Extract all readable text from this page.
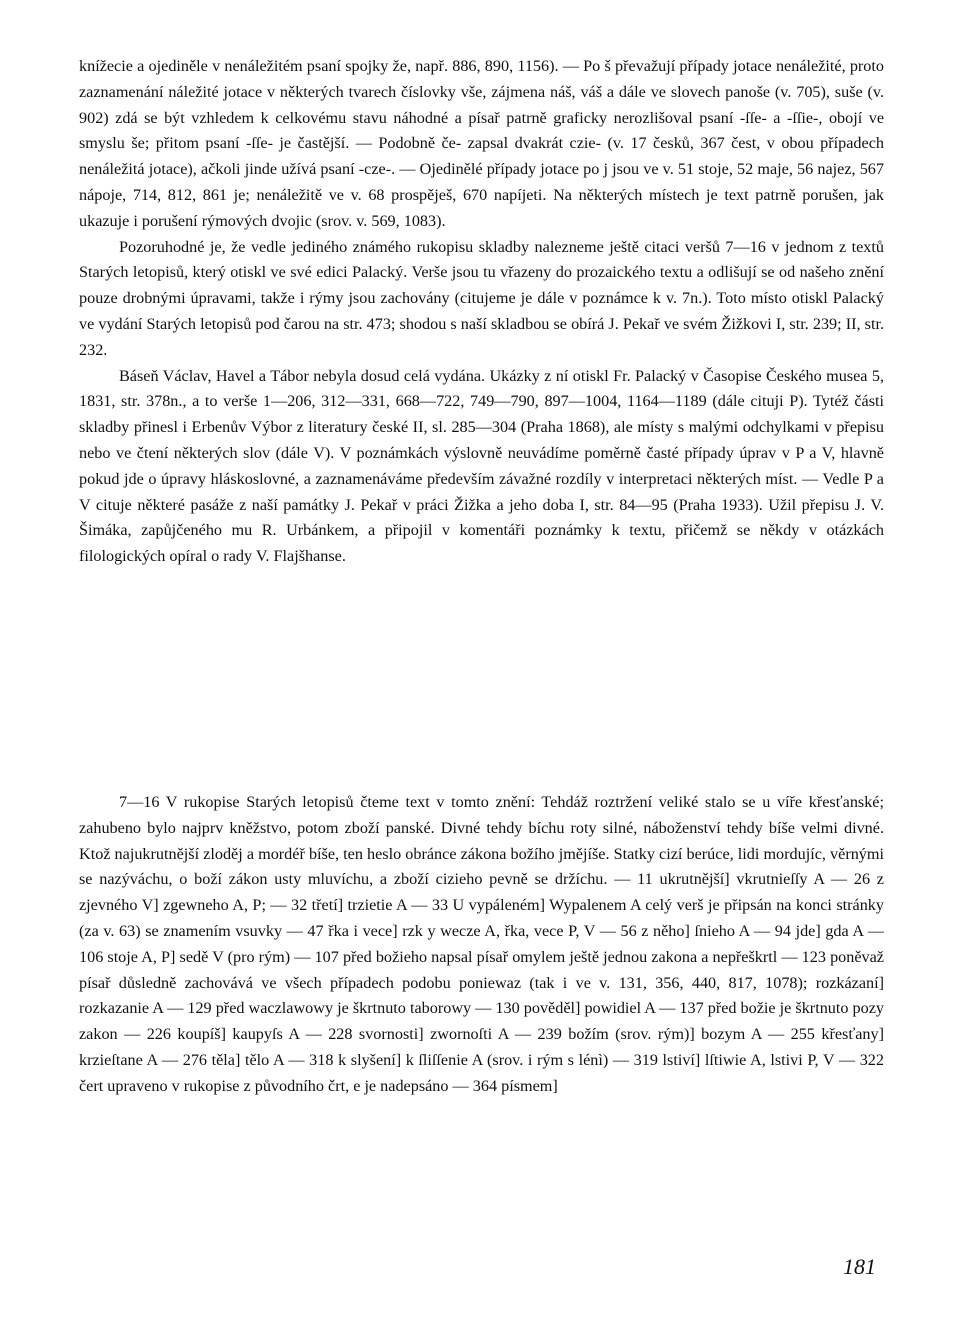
knížecie a ojediněle v nenáležitém psaní spojky že, např. 886, 890, 1156). — Po š převažují případy jotace nenáležité, proto zaznamenání náležité jotace v některých tvarech číslovky vše, zájmena náš, váš a dále ve slovech panoše (v. 705), suše (v. 902) zdá se být vzhledem k celkovému stavu náhodné a písař patrně graficky nerozlišoval psaní -ſſe- a -ſſie-, obojí ve smyslu še; přitom psaní -ſſe- je častější. — Podobně če- zapsal dvakrát czie- (v. 17 česků, 367 čest, v obou případech nenáležitá jotace), ačkoli jinde užívá psaní -cze-. — Ojedinělé případy jotace po j jsou ve v. 51 stoje, 52 maje, 56 najez, 567 nápoje, 714, 812, 861 je; nenáležitě ve v. 68 prospěješ, 670 napíjeti. Na některých místech je text patrně porušen, jak ukazuje i porušení rýmových dvojic (srov. v. 569, 1083).

Pozoruhodné je, že vedle jediného známého rukopisu skladby nalezneme ještě citaci veršů 7—16 v jednom z textů Starých letopisů, který otiskl ve své edici Palacký. Verše jsou tu vřazeny do prozaického textu a odlišují se od našeho znění pouze drobnými úpravami, takže i rýmy jsou zachovány (citujeme je dále v poznámce k v. 7n.). Toto místo otiskl Palacký ve vydání Starých letopisů pod čarou na str. 473; shodou s naší skladbou se obírá J. Pekař ve svém Žižkovi I, str. 239; II, str. 232.

Báseň Václav, Havel a Tábor nebyla dosud celá vydána. Ukázky z ní otiskl Fr. Palacký v Časopise Českého musea 5, 1831, str. 378n., a to verše 1—206, 312—331, 668—722, 749—790, 897—1004, 1164—1189 (dále cituji P). Tytéž části skladby přinesl i Erbenův Výbor z literatury české II, sl. 285—304 (Praha 1868), ale místy s malými odchylkami v přepisu nebo ve čtení některých slov (dále V). V poznámkách výslovně neuvádíme poměrně časté případy úprav v P a V, hlavně pokud jde o úpravy hláskoslovné, a zaznamenáváme především závažné rozdíly v interpretaci některých míst. — Vedle P a V cituje některé pasáže z naší památky J. Pekař v práci Žižka a jeho doba I, str. 84—95 (Praha 1933). Užil přepisu J. V. Šimáka, zapůjčeného mu R. Urbánkem, a připojil v komentáři poznámky k textu, přičemž se někdy v otázkách filologických opíral o rady V. Flajšhanse.

7—16 V rukopise Starých letopisů čteme text v tomto znění: Tehdáž roztržení veliké stalo se u víře křesťanské; zahubeno bylo najprv kněžstvo, potom zboží panské. Divné tehdy bíchu roty silné, náboženství tehdy bíše velmi divné. Ktož najukrutnější zloděj a mordéř bíše, ten heslo obránce zákona božího jmějíše. Statky cizí berúce, lidi mordujíc, věrnými se nazýváchu, o boží zákon usty mluvíchu, a zboží cizieho pevně se držíchu. — 11 ukrutnější] vkrutnieſſy A — 26 z zjevného V] zgewneho A, P; — 32 třetí] trzietie A — 33 U vypáleném] Wypalenem A celý verš je připsán na konci stránky (za v. 63) se znamením vsuvky — 47 řka i vece] rzk y wecze A, řka, vece P, V — 56 z něho] ſnieho A — 94 jde] gda A — 106 stoje A, P] sedě V (pro rým) — 107 před božieho napsal písař omylem ještě jednou zakona a nepřeškrtl — 123 poněvaž písař důsledně zachovává ve všech případech podobu poniewaz (tak i ve v. 131, 356, 440, 817, 1078); rozkázaní] rozkazanie A — 129 před waczlawowy je škrtnuto taborowy — 130 pověděl] powidiel A — 137 před božie je škrtnuto pozy zakon — 226 koupíš] kaupyſs A — 228 svornosti] zwornoſti A — 239 božím (srov. rým)] bozym A — 255 křesťany] krzieſtane A — 276 těla] tělo A — 318 k slyšení] k ſliſſenie A (srov. i rým s lénì) — 319 lstiví] lſtiwie A, lstivi P, V — 322 čert upraveno v rukopise z původního črt, e je nadepsáno — 364 písmem]

181
